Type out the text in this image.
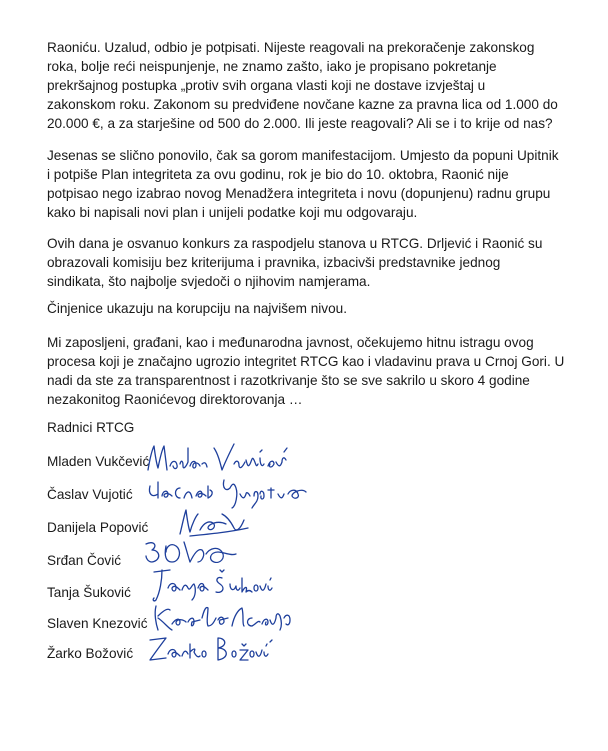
Raoniću. Uzalud, odbio je potpisati. Nijeste reagovali na prekoračenje zakonskog
roka, bolje reći neispunjenje, ne znamo zašto, iako je propisano pokretanje
prekršajnog postupka „protiv svih organa vlasti koji ne dostave izvještaj u
zakonskom roku. Zakonom su predviđene novčane kazne za pravna lica od 1.000 do
20.000 €, a za starješine od 500 do 2.000. Ili jeste reagovali? Ali se i to krije od nas?

Jesenas se slično ponovilo, čak sa gorom manifestacijom. Umjesto da popuni Upitnik
i potpiše Plan integriteta za ovu godinu, rok je bio do 10. oktobra, Raonić nije
potpisao nego izabrao novog Menadžera integriteta i novu (dopunjenu) radnu grupu
kako bi napisali novi plan i unijeli podatke koji mu odgovaraju.

Ovih dana je osvanuo konkurs za raspodjelu stanova u RTCG. Drljević i Raonić su
obrazovali komisiju bez kriterijuma i pravnika, izbacivši predstavnike jednog
sindikata, što najbolje svjedoči o njihovim namjerama.

Činjenice ukazuju na korupciju na najvišem nivou.

Mi zaposljeni, građani, kao i međunarodna javnost, očekujemo hitnu istragu ovog
procesa koji je značajno ugrozio integritet RTCG kao i vladavinu prava u Crnoj Gori. U
nadi da ste za transparentnost i razotkrivanje što se sve sakrilo u skoro 4 godine
nezakonitog Raonićevog direktorovanja …

Radnici RTCG
Mladen Vukčević
Časlav Vujotić
Danijela Popović
Srđan Čović
Tanja Šuković
Slaven Knezović
Žarko Božović
